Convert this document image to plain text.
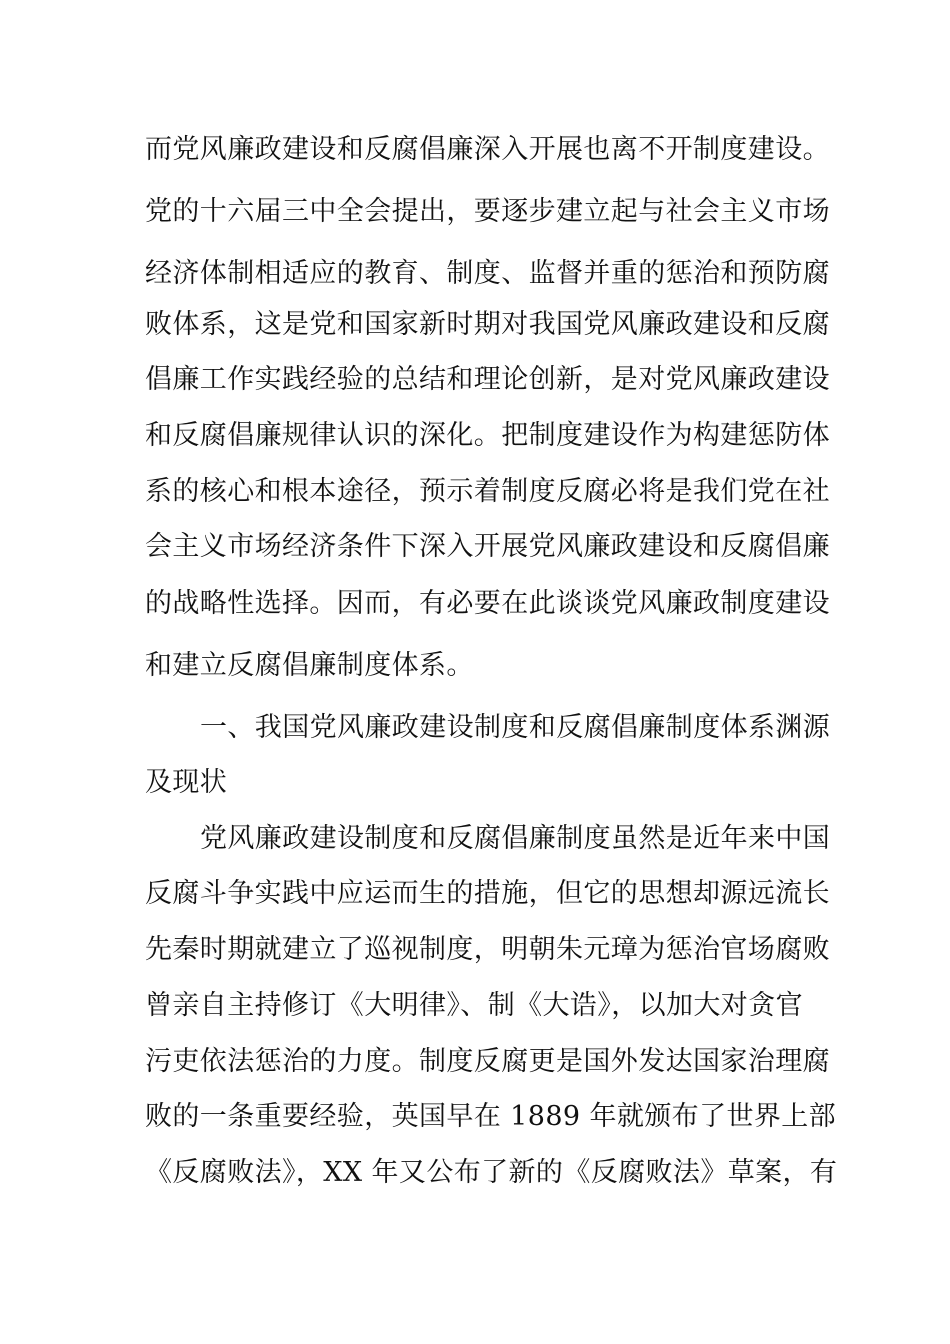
而党风廉政建设和反腐倡廉深入开展也离不开制度建设。
党的十六届三中全会提出，要逐步建立起与社会主义市场
经济体制相适应的教育、制度、监督并重的惩治和预防腐
败体系，这是党和国家新时期对我国党风廉政建设和反腐
倡廉工作实践经验的总结和理论创新，是对党风廉政建设
和反腐倡廉规律认识的深化。把制度建设作为构建惩防体
系的核心和根本途径，预示着制度反腐必将是我们党在社
会主义市场经济条件下深入开展党风廉政建设和反腐倡廉
的战略性选择。因而，有必要在此谈谈党风廉政制度建设
和建立反腐倡廉制度体系。
一、我国党风廉政建设制度和反腐倡廉制度体系渊源
及现状
党风廉政建设制度和反腐倡廉制度虽然是近年来中国
反腐斗争实践中应运而生的措施，但它的思想却源远流长
先秦时期就建立了巡视制度，明朝朱元璋为惩治官场腐败
曾亲自主持修订《大明律》、制《大诰》，以加大对贪官
污吏依法惩治的力度。制度反腐更是国外发达国家治理腐
败的一条重要经验，英国早在 1889 年就颁布了世界上部
《反腐败法》，XX 年又公布了新的《反腐败法》草案，有
